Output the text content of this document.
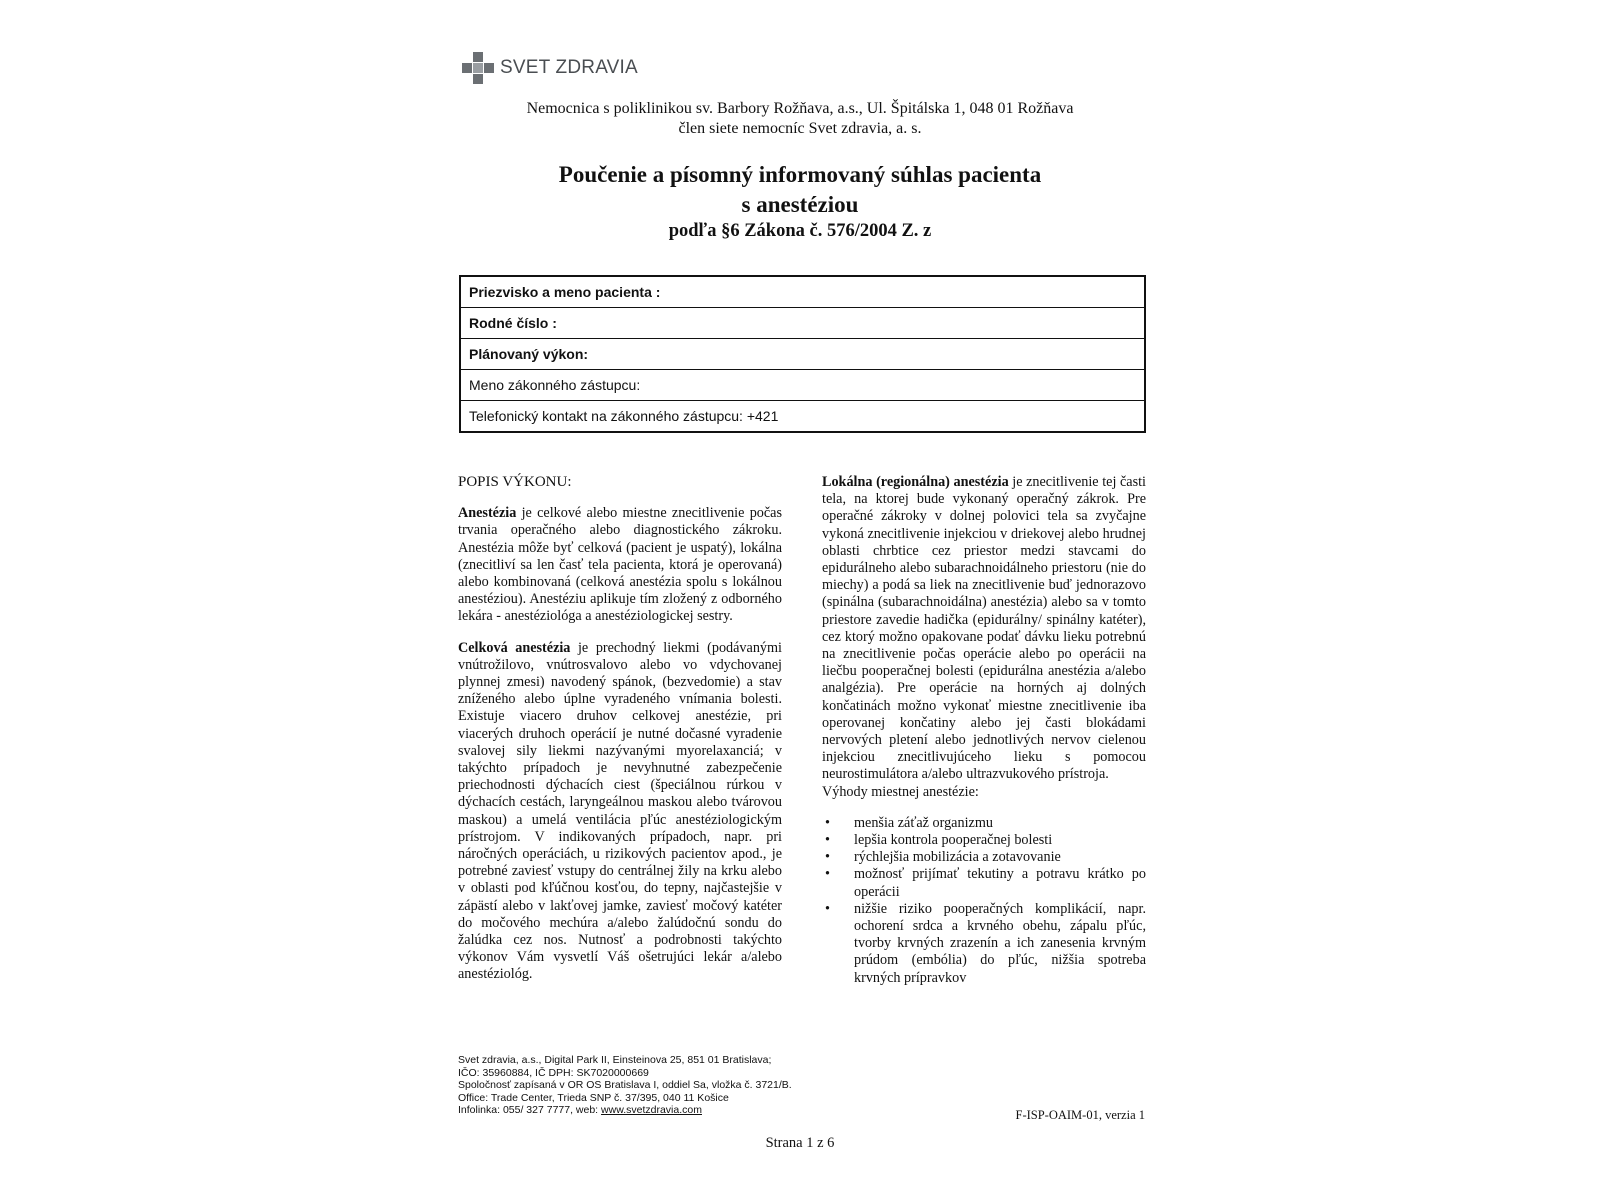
SVET ZDRAVIA
Nemocnica s poliklinikou sv. Barbory Rožňava, a.s., Ul. Špitálska 1, 048 01 Rožňava
člen siete nemocníc Svet zdravia, a. s.
Poučenie a písomný informovaný súhlas pacienta
s anestéziou
podľa §6 Zákona č. 576/2004 Z. z
Priezvisko a meno pacienta :
Rodné číslo :
Plánovaný výkon:
Meno zákonného zástupcu:
Telefonický kontakt na zákonného zástupcu: +421

POPIS VÝKONU:

Anestézia je celkové alebo miestne znecitlivenie počas trvania operačného alebo diagnostického zákroku. Anestézia môže byť celková (pacient je uspatý), lokálna (znecitliví sa len časť tela pacienta, ktorá je operovaná) alebo kombinovaná (celková anestézia spolu s lokálnou anestéziou). Anestéziu aplikuje tím zložený z odborného lekára - anestéziológa a anestéziologickej sestry.

Celková anestézia je prechodný liekmi (podávanými vnútrožilovo, vnútrosvalovo alebo vo vdychovanej plynnej zmesi) navodený spánok, (bezvedomie) a stav zníženého alebo úplne vyradeného vnímania bolesti. Existuje viacero druhov celkovej anestézie, pri viacerých druhoch operácií je nutné dočasné vyradenie svalovej sily liekmi nazývanými myorelaxanciá; v takýchto prípadoch je nevyhnutné zabezpečenie priechodnosti dýchacích ciest (špeciálnou rúrkou v dýchacích cestách, laryngeálnou maskou alebo tvárovou maskou) a umelá ventilácia pľúc anestéziologickým prístrojom. V indikovaných prípadoch, napr. pri náročných operáciách, u rizikových pacientov apod., je potrebné zaviesť vstupy do centrálnej žily na krku alebo v oblasti pod kľúčnou kosťou, do tepny, najčastejšie v zápästí alebo v lakťovej jamke, zaviesť močový katéter do močového mechúra a/alebo žalúdočnú sondu do žalúdka cez nos. Nutnosť a podrobnosti takýchto výkonov Vám vysvetlí Váš ošetrujúci lekár a/alebo anestéziológ.

Lokálna (regionálna) anestézia je znecitlivenie tej časti tela, na ktorej bude vykonaný operačný zákrok. Pre operačné zákroky v dolnej polovici tela sa zvyčajne vykoná znecitlivenie injekciou v driekovej alebo hrudnej oblasti chrbtice cez priestor medzi stavcami do epidurálneho alebo subarachnoidálneho priestoru (nie do miechy) a podá sa liek na znecitlivenie buď jednorazovo (spinálna (subarachnoidálna) anestézia) alebo sa v tomto priestore zavedie hadička (epidurálny/ spinálny katéter), cez ktorý možno opakovane podať dávku lieku potrebnú na znecitlivenie počas operácie alebo po operácii na liečbu pooperačnej bolesti (epidurálna anestézia a/alebo analgézia). Pre operácie na horných aj dolných končatinách možno vykonať miestne znecitlivenie iba operovanej končatiny alebo jej časti blokádami nervových pletení alebo jednotlivých nervov cielenou injekciou znecitlivujúceho lieku s pomocou neurostimulátora a/alebo ultrazvukového prístroja.

Výhody miestnej anestézie:

• menšia záťaž organizmu
• lepšia kontrola pooperačnej bolesti
• rýchlejšia mobilizácia a zotavovanie
• možnosť prijímať tekutiny a potravu krátko po operácii
• nižšie riziko pooperačných komplikácií, napr. ochorení srdca a krvného obehu, zápalu pľúc, tvorby krvných zrazenín a ich zanesenia krvným prúdom (embólia) do pľúc, nižšia spotreba krvných prípravkov
Svet zdravia, a.s., Digital Park II, Einsteinova 25, 851 01 Bratislava;
IČO: 35960884, IČ DPH: SK7020000669
Spoločnosť zapísaná v OR OS Bratislava I, oddiel Sa, vložka č. 3721/B.
Office: Trade Center, Trieda SNP č. 37/395, 040 11 Košice
Infolinka: 055/ 327 7777, web: www.svetzdravia.com	F-ISP-OAIM-01, verzia 1
Strana 1 z 6
